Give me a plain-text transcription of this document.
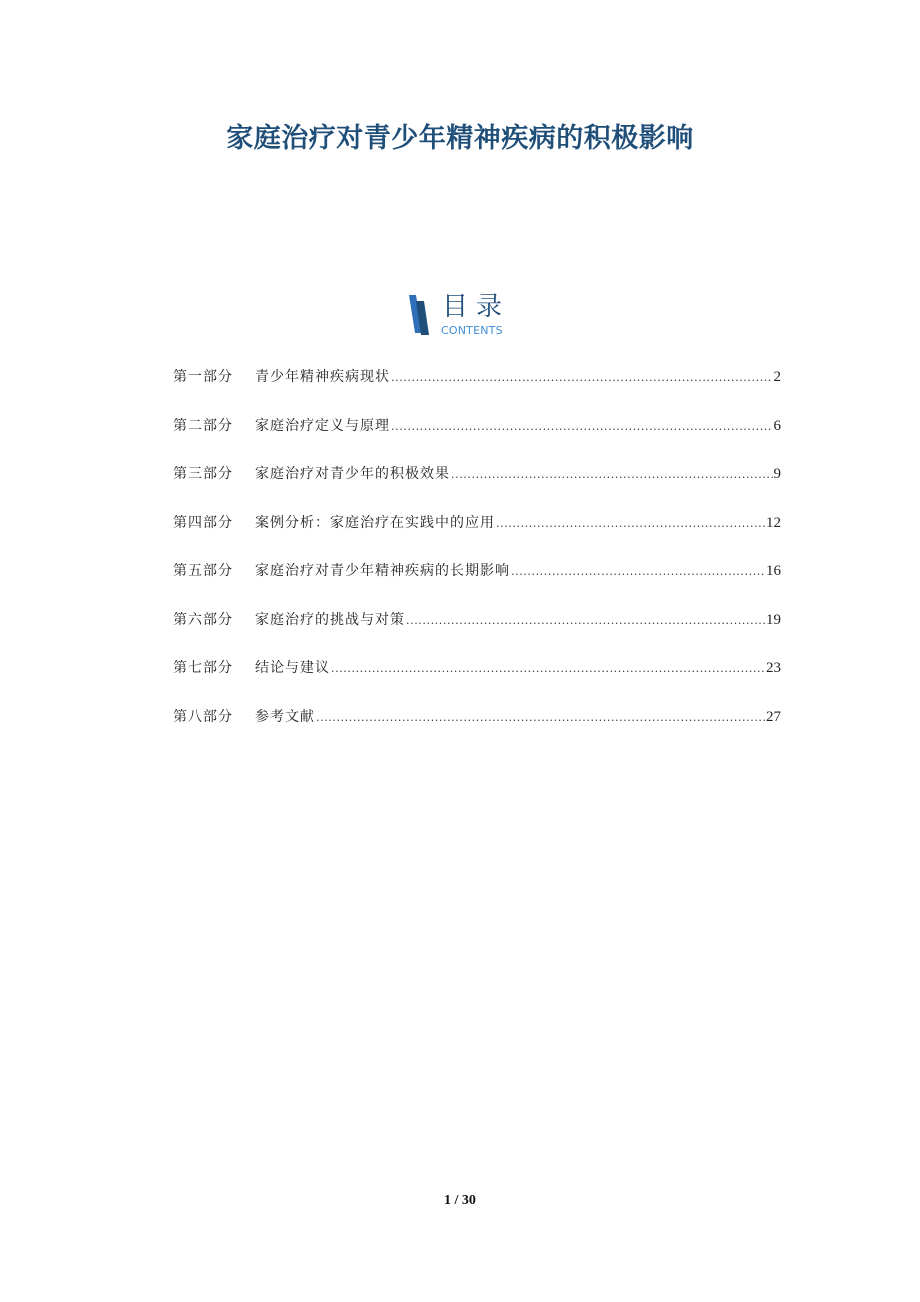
家庭治疗对青少年精神疾病的积极影响
目录
CONTENTS
第一部分	青少年精神疾病现状 .....	2
第二部分	家庭治疗定义与原理 .....	6
第三部分	家庭治疗对青少年的积极效果 .....	9
第四部分	案例分析：家庭治疗在实践中的应用 .....	12
第五部分	家庭治疗对青少年精神疾病的长期影响 .....	16
第六部分	家庭治疗的挑战与对策 .....	19
第七部分	结论与建议 .....	23
第八部分	参考文献 .....	27
1 / 30
